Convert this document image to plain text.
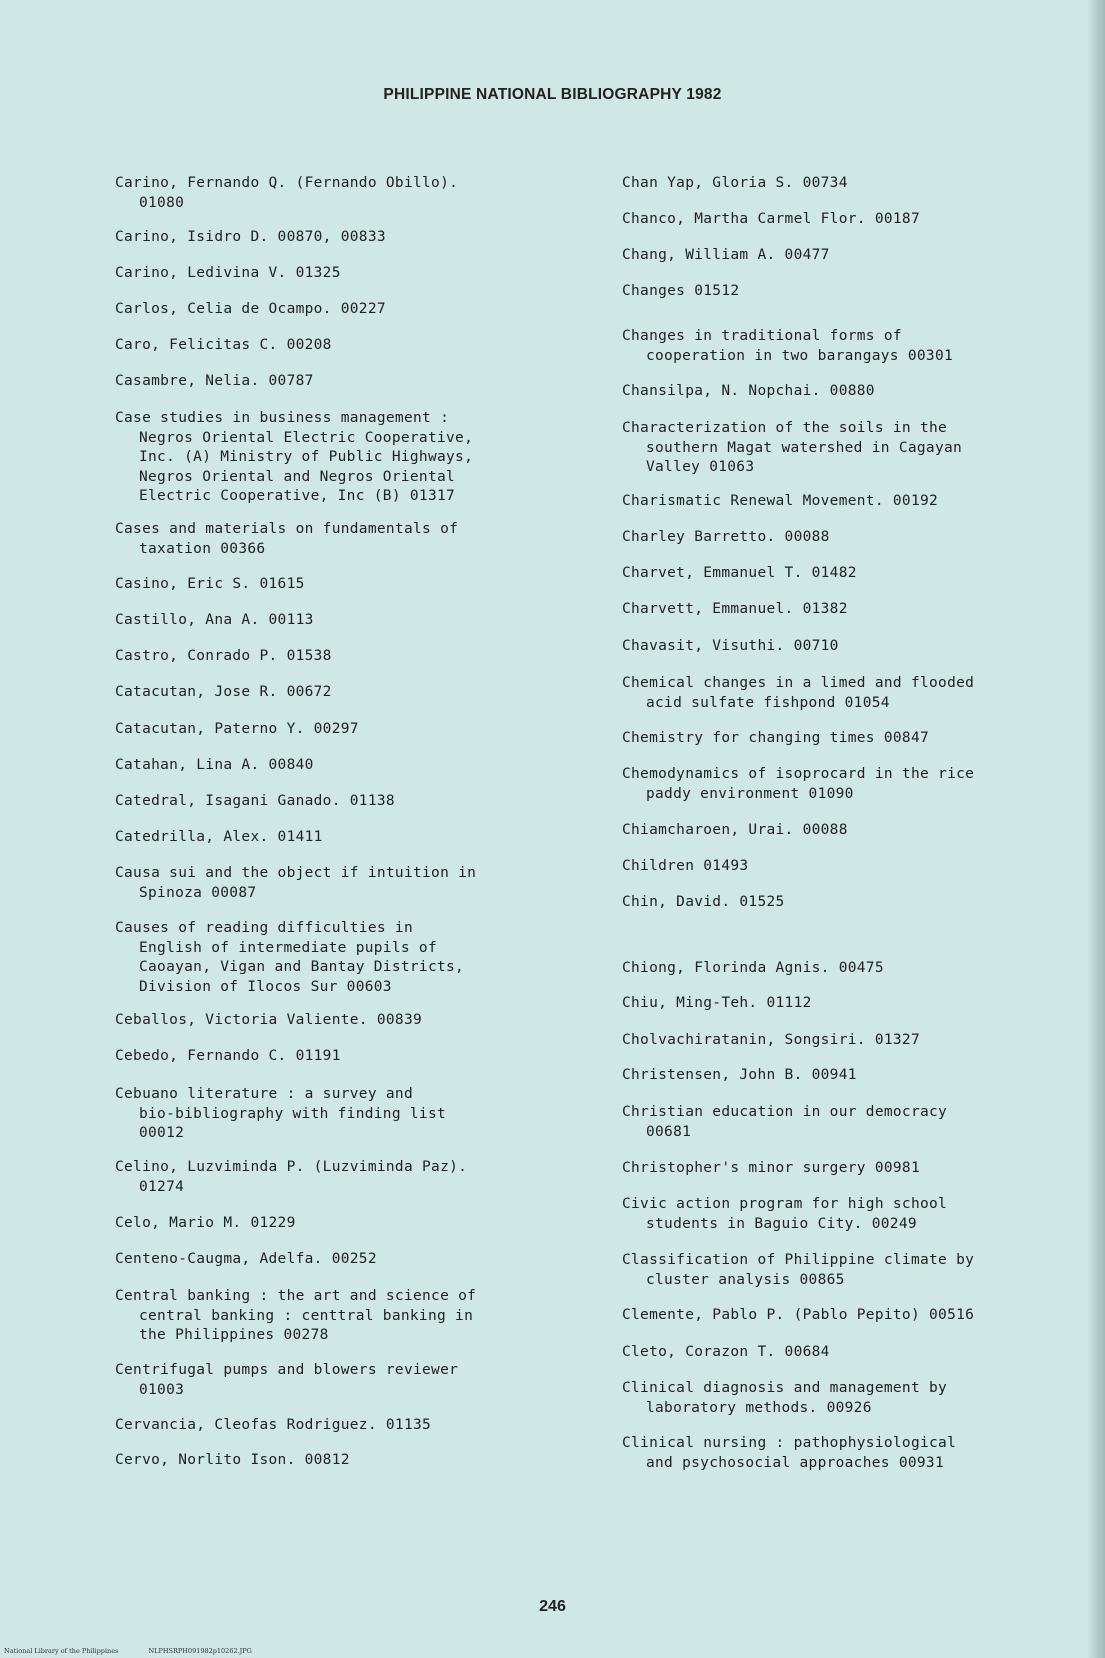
PHILIPPINE NATIONAL BIBLIOGRAPHY 1982
Carino, Fernando Q. (Fernando Obillo).
01080
Carino, Isidro D. 00870, 00833
Carino, Ledivina V. 01325
Carlos, Celia de Ocampo. 00227
Caro, Felicitas C. 00208
Casambre, Nelia. 00787
Case studies in business management :
Negros Oriental Electric Cooperative,
Inc. (A) Ministry of Public Highways,
Negros Oriental and Negros Oriental
Electric Cooperative, Inc (B) 01317
Cases and materials on fundamentals of
taxation 00366
Casino, Eric S. 01615
Castillo, Ana A. 00113
Castro, Conrado P. 01538
Catacutan, Jose R. 00672
Catacutan, Paterno Y. 00297
Catahan, Lina A. 00840
Catedral, Isagani Ganado. 01138
Catedrilla, Alex. 01411
Causa sui and the object if intuition in
Spinoza 00087
Causes of reading difficulties in
English of intermediate pupils of
Caoayan, Vigan and Bantay Districts,
Division of Ilocos Sur 00603
Ceballos, Victoria Valiente. 00839
Cebedo, Fernando C. 01191
Cebuano literature : a survey and
bio-bibliography with finding list
00012
Celino, Luzviminda P. (Luzviminda Paz).
01274
Celo, Mario M. 01229
Centeno-Caugma, Adelfa. 00252
Central banking : the art and science of
central banking : centtral banking in
the Philippines 00278
Centrifugal pumps and blowers reviewer
01003
Cervancia, Cleofas Rodriguez. 01135
Cervo, Norlito Ison. 00812
Chan Yap, Gloria S. 00734
Chanco, Martha Carmel Flor. 00187
Chang, William A. 00477
Changes 01512
Changes in traditional forms of
cooperation in two barangays 00301
Chansilpa, N. Nopchai. 00880
Characterization of the soils in the
southern Magat watershed in Cagayan
Valley 01063
Charismatic Renewal Movement. 00192
Charley Barretto. 00088
Charvet, Emmanuel T. 01482
Charvett, Emmanuel. 01382
Chavasit, Visuthi. 00710
Chemical changes in a limed and flooded
acid sulfate fishpond 01054
Chemistry for changing times 00847
Chemodynamics of isoprocard in the rice
paddy environment 01090
Chiamcharoen, Urai. 00088
Children 01493
Chin, David. 01525
Chiong, Florinda Agnis. 00475
Chiu, Ming-Teh. 01112
Cholvachiratanin, Songsiri. 01327
Christensen, John B. 00941
Christian education in our democracy
00681
Christopher's minor surgery 00981
Civic action program for high school
students in Baguio City. 00249
Classification of Philippine climate by
cluster analysis 00865
Clemente, Pablo P. (Pablo Pepito) 00516
Cleto, Corazon T. 00684
Clinical diagnosis and management by
laboratory methods. 00926
Clinical nursing : pathophysiological
and psychosocial approaches 00931
246
National Library of the Philippines	NLPHSRPH091982p10262.JPG
